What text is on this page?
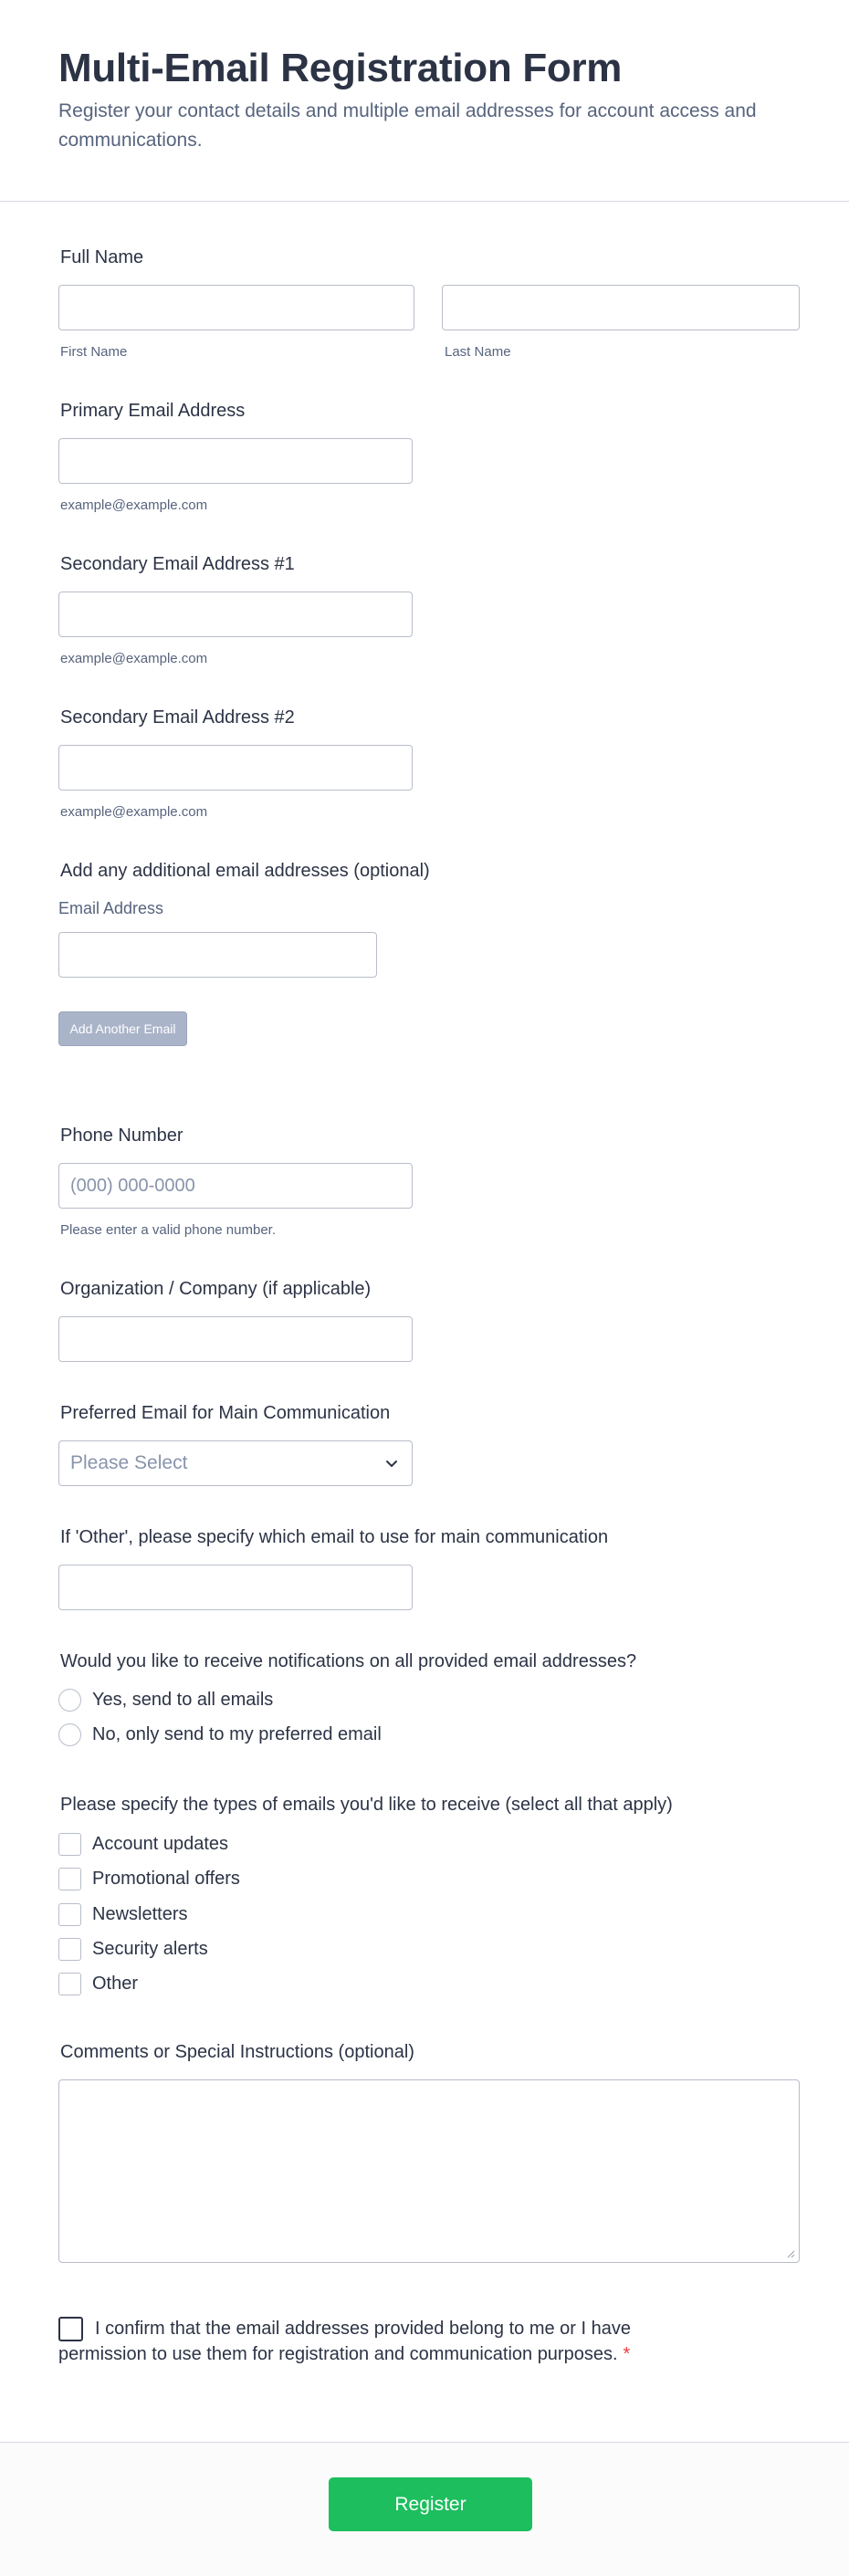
Multi-Email Registration Form

Register your contact details and multiple email addresses for account access and communications.

Full Name
First Name	Last Name
Primary Email Address
example@example.com
Secondary Email Address #1
example@example.com
Secondary Email Address #2
example@example.com
Add any additional email addresses (optional)
Email Address
Add Another Email
Phone Number
(000) 000-0000
Please enter a valid phone number.
Organization / Company (if applicable)
Preferred Email for Main Communication
Please Select
If 'Other', please specify which email to use for main communication
Would you like to receive notifications on all provided email addresses?
Yes, send to all emails
No, only send to my preferred email
Please specify the types of emails you'd like to receive (select all that apply)
Account updates
Promotional offers
Newsletters
Security alerts
Other
Comments or Special Instructions (optional)
I confirm that the email addresses provided belong to me or I have permission to use them for registration and communication purposes. *
Register
